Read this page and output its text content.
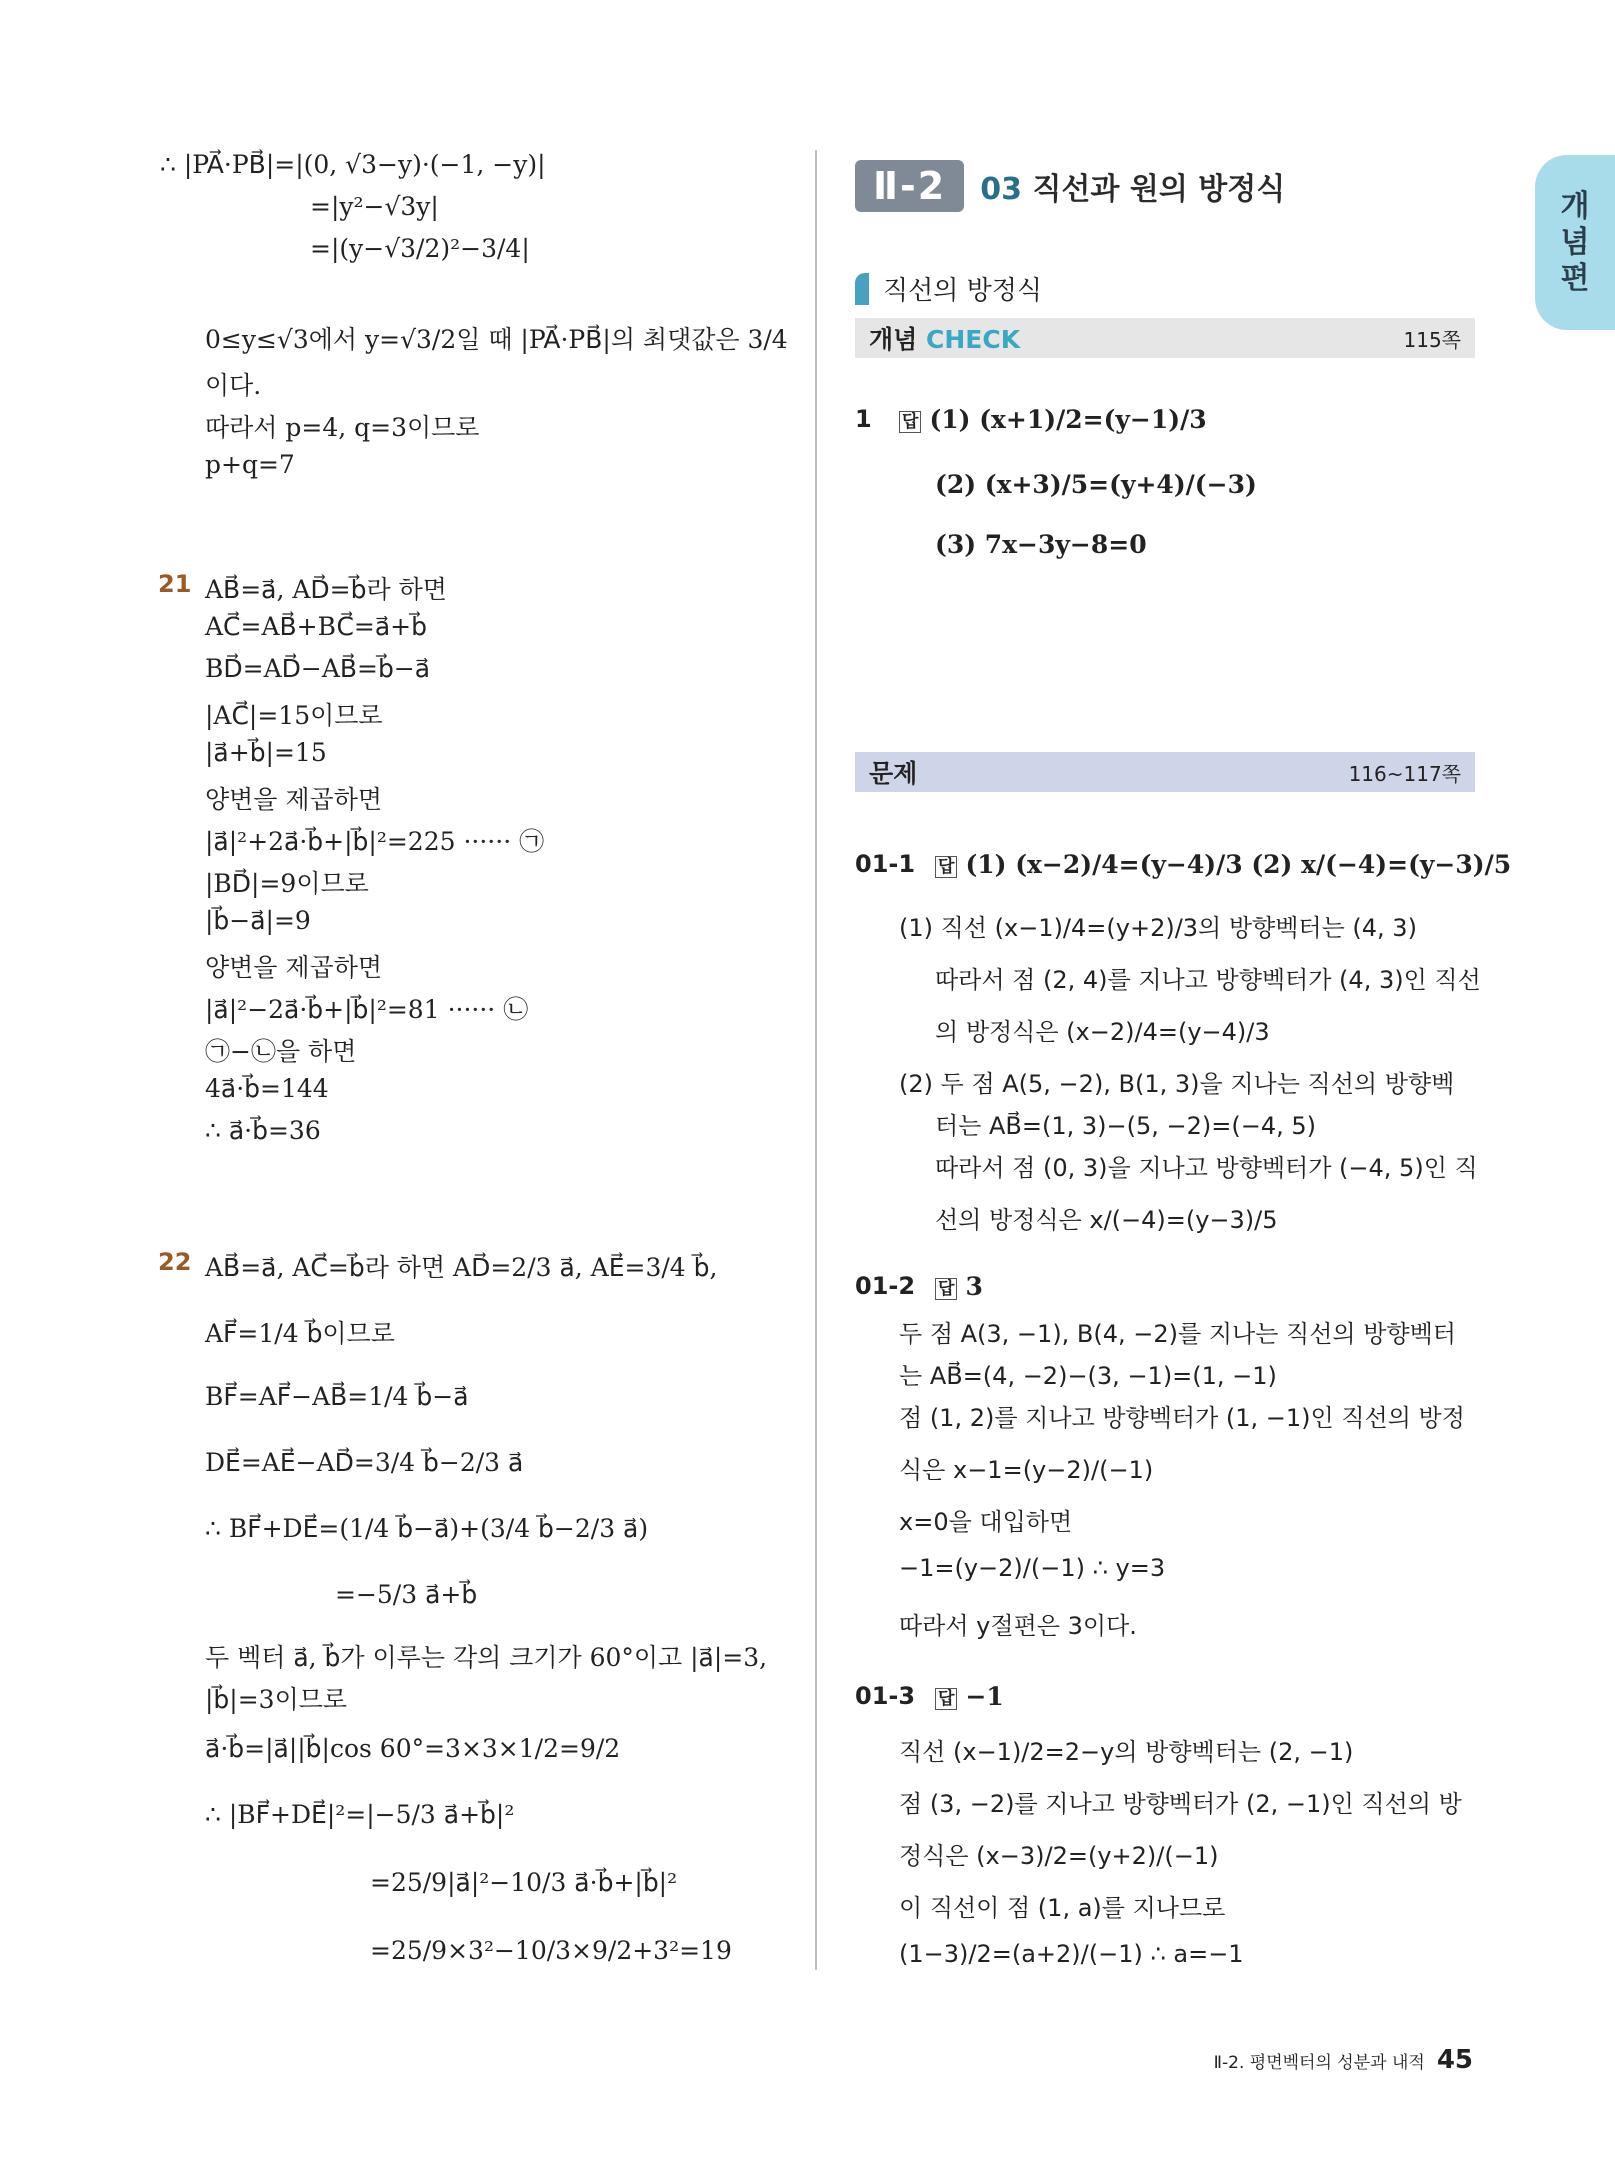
개
념
편
21
22
∴ |PA⃗·PB⃗|=|(0, √3−y)·(−1, −y)|
=|y²−√3y|
=|(y−√3/2)²−3/4|
0≤y≤√3에서 y=√3/2일 때 |PA⃗·PB⃗|의 최댓값은 3/4
이다.
따라서 p=4, q=3이므로
p+q=7
AB⃗=a⃗, AD⃗=b⃗라 하면
AC⃗=AB⃗+BC⃗=a⃗+b⃗
BD⃗=AD⃗−AB⃗=b⃗−a⃗
|AC⃗|=15이므로
|a⃗+b⃗|=15
양변을 제곱하면
|a⃗|²+2a⃗·b⃗+|b⃗|²=225 ······ ㉠
|BD⃗|=9이므로
|b⃗−a⃗|=9
양변을 제곱하면
|a⃗|²−2a⃗·b⃗+|b⃗|²=81 ······ ㉡
㉠−㉡을 하면
4a⃗·b⃗=144
∴ a⃗·b⃗=36
AB⃗=a⃗, AC⃗=b⃗라 하면 AD⃗=2/3 a⃗, AE⃗=3/4 b⃗,
AF⃗=1/4 b⃗이므로
BF⃗=AF⃗−AB⃗=1/4 b⃗−a⃗
DE⃗=AE⃗−AD⃗=3/4 b⃗−2/3 a⃗
∴ BF⃗+DE⃗=(1/4 b⃗−a⃗)+(3/4 b⃗−2/3 a⃗)
=−5/3 a⃗+b⃗
두 벡터 a⃗, b⃗가 이루는 각의 크기가 60°이고 |a⃗|=3,
|b⃗|=3이므로
a⃗·b⃗=|a⃗||b⃗|cos 60°=3×3×1/2=9/2
∴ |BF⃗+DE⃗|²=|−5/3 a⃗+b⃗|²
=25/9|a⃗|²−10/3 a⃗·b⃗+|b⃗|²
=25/9×3²−10/3×9/2+3²=19
Ⅱ-2	03 직선과 원의 방정식
직선의 방정식
개념 CHECK	115쪽
문제	116~117쪽
1 답 (1) (x+1)/2=(y−1)/3
(2) (x+3)/5=(y+4)/(−3)
(3) 7x−3y−8=0
01-1 답 (1) (x−2)/4=(y−4)/3 (2) x/(−4)=(y−3)/5
(1) 직선 (x−1)/4=(y+2)/3의 방향벡터는 (4, 3)
따라서 점 (2, 4)를 지나고 방향벡터가 (4, 3)인 직선
의 방정식은 (x−2)/4=(y−4)/3
(2) 두 점 A(5, −2), B(1, 3)을 지나는 직선의 방향벡
터는 AB⃗=(1, 3)−(5, −2)=(−4, 5)
따라서 점 (0, 3)을 지나고 방향벡터가 (−4, 5)인 직
선의 방정식은 x/(−4)=(y−3)/5
01-2 답 3
두 점 A(3, −1), B(4, −2)를 지나는 직선의 방향벡터
는 AB⃗=(4, −2)−(3, −1)=(1, −1)
점 (1, 2)를 지나고 방향벡터가 (1, −1)인 직선의 방정
식은 x−1=(y−2)/(−1)
x=0을 대입하면
−1=(y−2)/(−1) ∴ y=3
따라서 y절편은 3이다.
01-3 답 −1
직선 (x−1)/2=2−y의 방향벡터는 (2, −1)
점 (3, −2)를 지나고 방향벡터가 (2, −1)인 직선의 방
정식은 (x−3)/2=(y+2)/(−1)
이 직선이 점 (1, a)를 지나므로
(1−3)/2=(a+2)/(−1) ∴ a=−1
Ⅱ-2. 평면벡터의 성분과 내적 45
